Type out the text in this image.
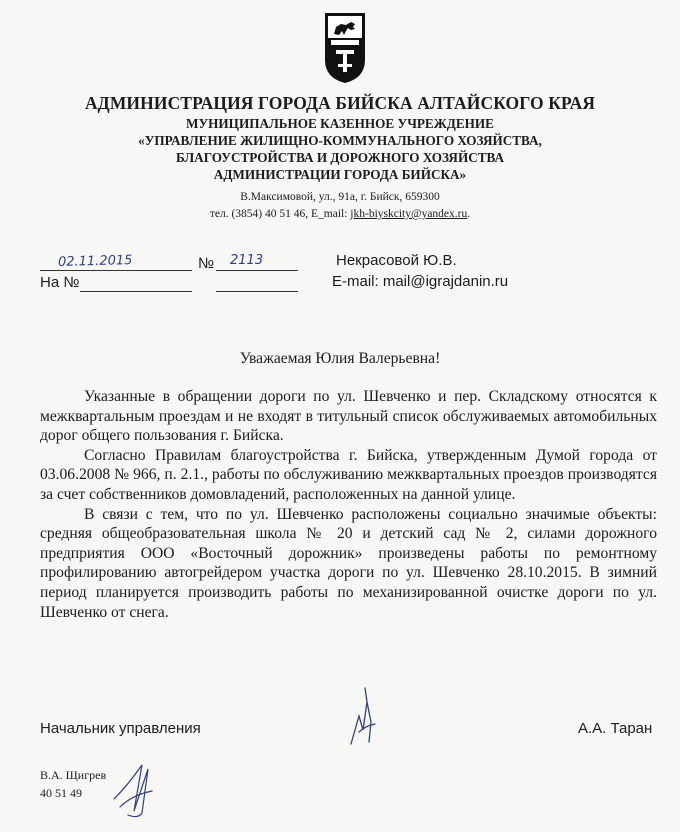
АДМИНИСТРАЦИЯ ГОРОДА БИЙСКА АЛТАЙСКОГО КРАЯ
МУНИЦИПАЛЬНОЕ КАЗЕННОЕ УЧРЕЖДЕНИЕ
«УПРАВЛЕНИЕ ЖИЛИЩНО-КОММУНАЛЬНОГО ХОЗЯЙСТВА,
БЛАГОУСТРОЙСТВА И ДОРОЖНОГО ХОЗЯЙСТВА
АДМИНИСТРАЦИИ ГОРОДА БИЙСКА»
В.Максимовой, ул., 91а, г. Бийск, 659300
тел. (3854) 40 51 46, E_mail: jkh-biyskcity@yandex.ru.
02.11.2015	№ 2113
На №
Некрасовой Ю.В.
E-mail: mail@igrajdanin.ru
Уважаемая Юлия Валерьевна!

Указанные в обращении дороги по ул. Шевченко и пер. Складскому относятся к межквартальным проездам и не входят в титульный список обслуживаемых автомобильных дорог общего пользования г. Бийска.

Согласно Правилам благоустройства г. Бийска, утвержденным Думой города от 03.06.2008 № 966, п. 2.1., работы по обслуживанию межквартальных проездов производятся за счет собственников домовладений, расположенных на данной улице.

В связи с тем, что по ул. Шевченко расположены социально значимые объекты: средняя общеобразовательная школа № 20 и детский сад № 2, силами дорожного предприятия ООО «Восточный дорожник» произведены работы по ремонтному профилированию автогрейдером участка дороги по ул. Шевченко 28.10.2015. В зимний период планируется производить работы по механизированной очистке дороги по ул. Шевченко от снега.

Начальник управления	А.А. Таран
В.А. Щигрев
40 51 49
